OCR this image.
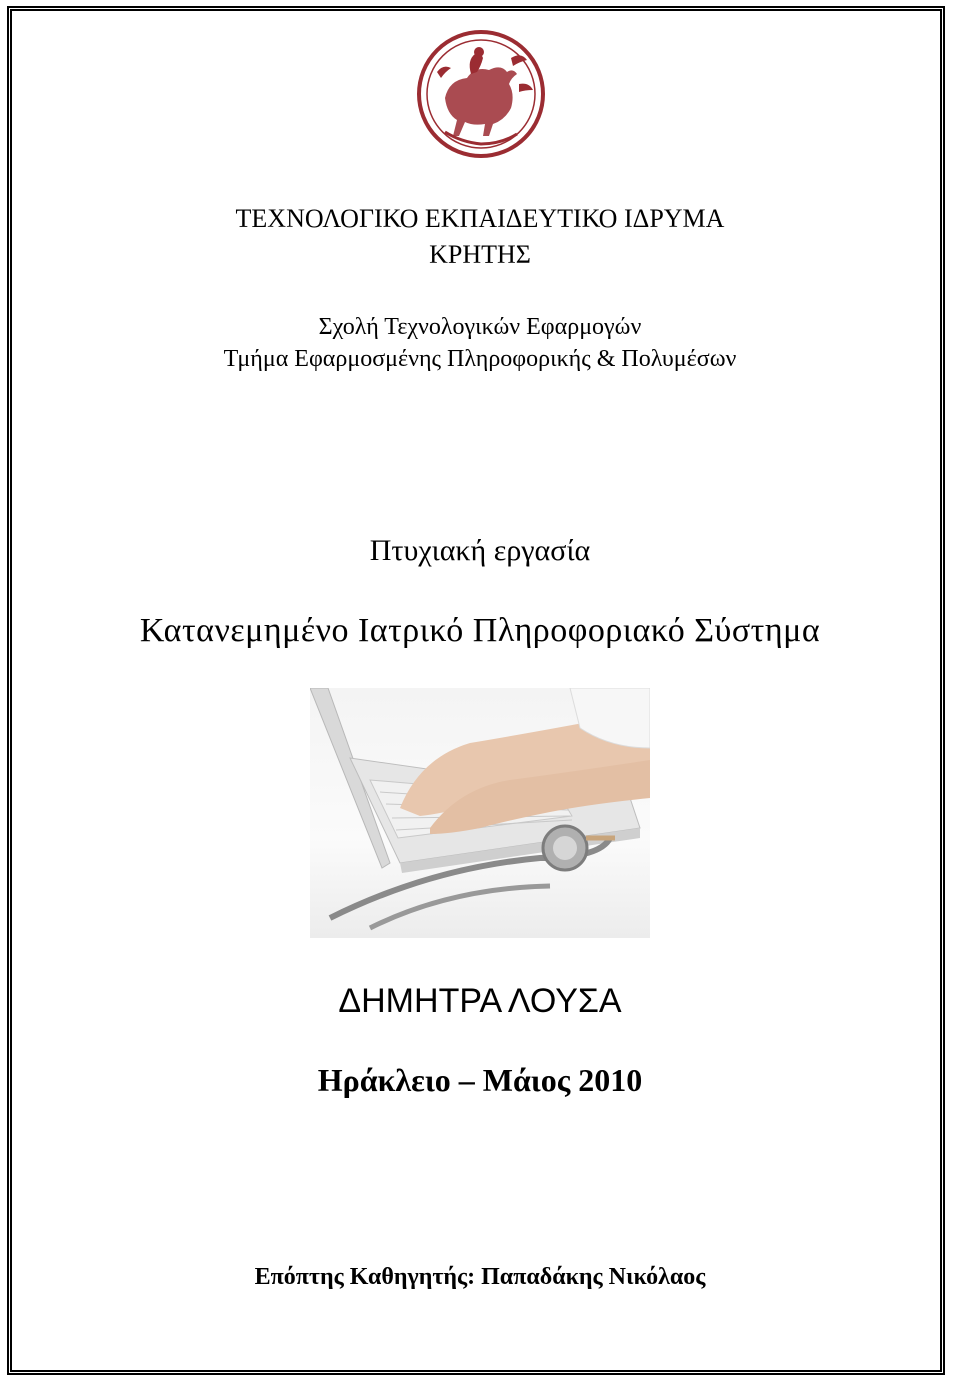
ΤΕΧΝΟΛΟΓΙΚΟ ΕΚΠΑΙΔΕΥΤΙΚΟ ΙΔΡΥΜΑ
ΚΡΗΤΗΣ
Σχολή Τεχνολογικών Εφαρμογών
Τμήμα Εφαρμοσμένης Πληροφορικής & Πολυμέσων
Πτυχιακή εργασία
Κατανεμημένο Ιατρικό Πληροφοριακό Σύστημα
ΔΗΜΗΤΡΑ ΛΟΥΣΑ
Ηράκλειο – Μάιος 2010
Επόπτης Καθηγητής: Παπαδάκης Νικόλαος
